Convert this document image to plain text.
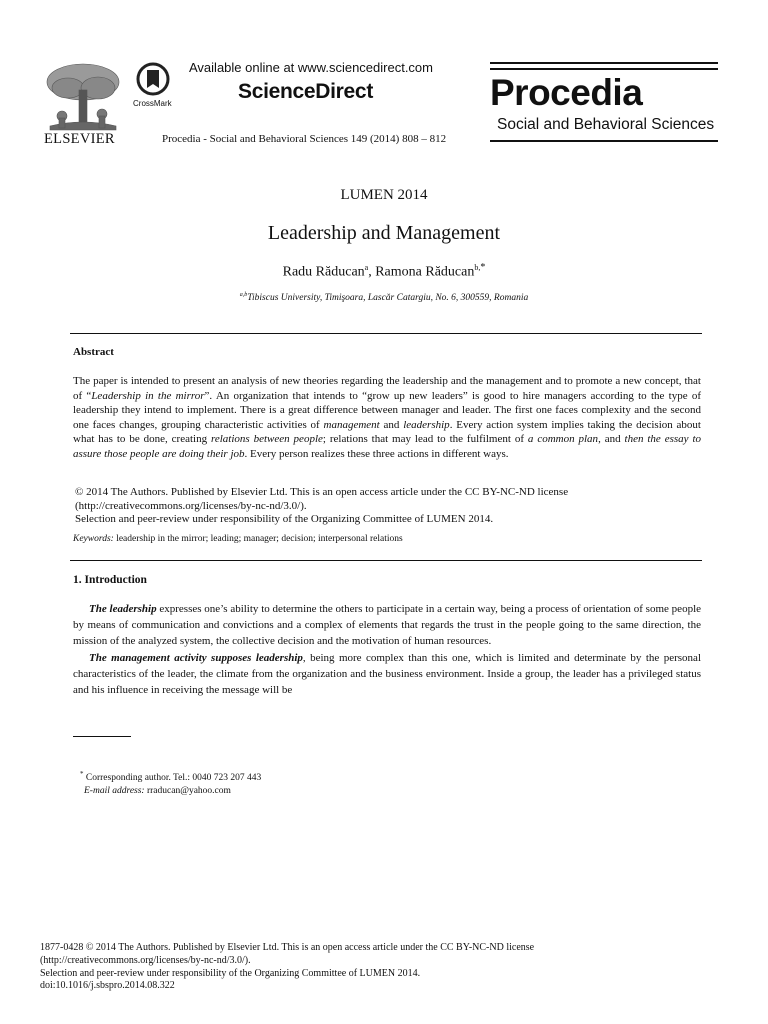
ELSEVIER
CrossMark
Available online at www.sciencedirect.com
ScienceDirect
Procedia - Social and Behavioral Sciences 149 (2014) 808 – 812
Procedia
Social and Behavioral Sciences
LUMEN 2014
Leadership and Management
Radu Răducan$^a$, Ramona Răducan$^{b,*}$
$^{a,b}$Tibiscus University, Timişoara, Lascăr Catargiu, No. 6, 300559, Romania
Abstract
The paper is intended to present an analysis of new theories regarding the leadership and the management and to promote a new concept, that of “Leadership in the mirror”. An organization that intends to “grow up new leaders” is good to hire managers according to the type of leadership they intend to implement. There is a great difference between manager and leader. The first one faces complexity and the second one faces changes, grouping characteristic activities of management and leadership. Every action system implies taking the decision about what has to be done, creating relations between people; relations that may lead to the fulfilment of a common plan, and then the essay to assure those people are doing their job. Every person realizes these three actions in different ways.
© 2014 The Authors. Published by Elsevier Ltd. This is an open access article under the CC BY-NC-ND license
(http://creativecommons.org/licenses/by-nc-nd/3.0/).
Selection and peer-review under responsibility of the Organizing Committee of LUMEN 2014.
Keywords: leadership in the mirror; leading; manager; decision; interpersonal relations
1. Introduction

The leadership expresses one’s ability to determine the others to participate in a certain way, being a process of orientation of some people by means of communication and convictions and a complex of elements that regards the trust in the people going to the same direction, the mission of the analyzed system, the collective decision and the motivation of human resources.

The management activity supposes leadership, being more complex than this one, which is limited and determinate by the personal characteristics of the leader, the climate from the organization and the business environment. Inside a group, the leader has a privileged status and his influence in receiving the message will be

* Corresponding author. Tel.: 0040 723 207 443
E-mail address: rraducan@yahoo.com
1877-0428 © 2014 The Authors. Published by Elsevier Ltd. This is an open access article under the CC BY-NC-ND license
(http://creativecommons.org/licenses/by-nc-nd/3.0/).
Selection and peer-review under responsibility of the Organizing Committee of LUMEN 2014.
doi:10.1016/j.sbspro.2014.08.322
